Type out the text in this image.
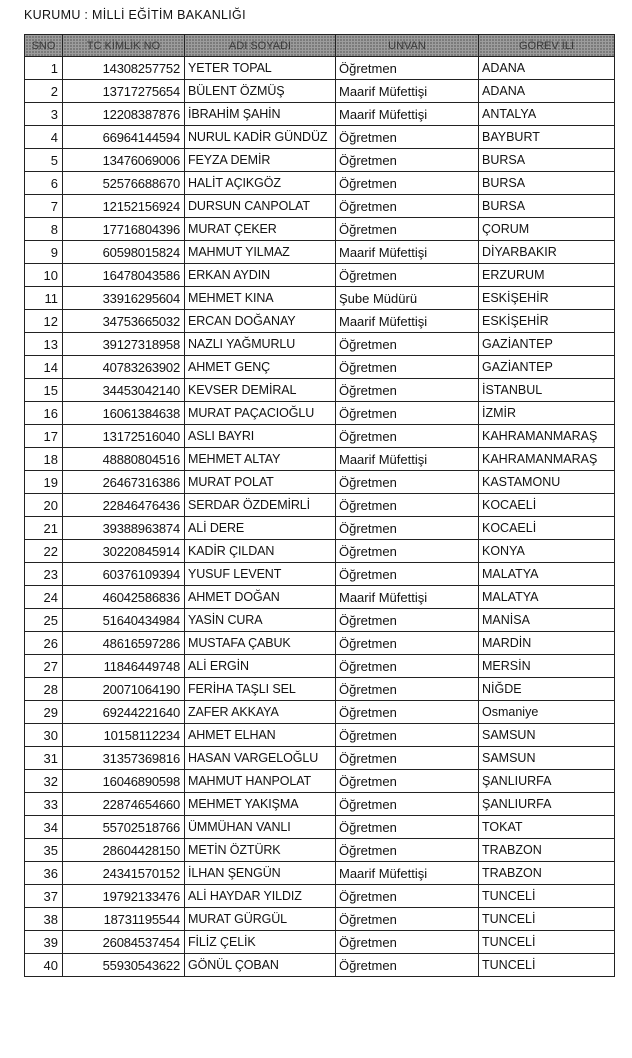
KURUMU : MİLLİ EĞİTİM BAKANLIĞI
SNO	TC KİMLİK NO	ADI SOYADI	UNVAN	GÖREV İLİ
1	14308257752	YETER TOPAL	Öğretmen	ADANA
2	13717275654	BÜLENT ÖZMÜŞ	Maarif Müfettişi	ADANA
3	12208387876	İBRAHİM ŞAHİN	Maarif Müfettişi	ANTALYA
4	66964144594	NURUL KADİR GÜNDÜZ	Öğretmen	BAYBURT
5	13476069006	FEYZA DEMİR	Öğretmen	BURSA
6	52576688670	HALİT AÇIKGÖZ	Öğretmen	BURSA
7	12152156924	DURSUN CANPOLAT	Öğretmen	BURSA
8	17716804396	MURAT ÇEKER	Öğretmen	ÇORUM
9	60598015824	MAHMUT YILMAZ	Maarif Müfettişi	DİYARBAKIR
10	16478043586	ERKAN AYDIN	Öğretmen	ERZURUM
11	33916295604	MEHMET KINA	Şube Müdürü	ESKİŞEHİR
12	34753665032	ERCAN DOĞANAY	Maarif Müfettişi	ESKİŞEHİR
13	39127318958	NAZLI YAĞMURLU	Öğretmen	GAZİANTEP
14	40783263902	AHMET GENÇ	Öğretmen	GAZİANTEP
15	34453042140	KEVSER DEMİRAL	Öğretmen	İSTANBUL
16	16061384638	MURAT PAÇACIOĞLU	Öğretmen	İZMİR
17	13172516040	ASLI BAYRI	Öğretmen	KAHRAMANMARAŞ
18	48880804516	MEHMET ALTAY	Maarif Müfettişi	KAHRAMANMARAŞ
19	26467316386	MURAT POLAT	Öğretmen	KASTAMONU
20	22846476436	SERDAR ÖZDEMİRLİ	Öğretmen	KOCAELİ
21	39388963874	ALİ DERE	Öğretmen	KOCAELİ
22	30220845914	KADİR ÇILDAN	Öğretmen	KONYA
23	60376109394	YUSUF LEVENT	Öğretmen	MALATYA
24	46042586836	AHMET DOĞAN	Maarif Müfettişi	MALATYA
25	51640434984	YASİN CURA	Öğretmen	MANİSA
26	48616597286	MUSTAFA ÇABUK	Öğretmen	MARDİN
27	11846449748	ALİ ERGİN	Öğretmen	MERSİN
28	20071064190	FERİHA TAŞLI SEL	Öğretmen	NİĞDE
29	69244221640	ZAFER AKKAYA	Öğretmen	Osmaniye
30	10158112234	AHMET ELHAN	Öğretmen	SAMSUN
31	31357369816	HASAN VARGELOĞLU	Öğretmen	SAMSUN
32	16046890598	MAHMUT HANPOLAT	Öğretmen	ŞANLIURFA
33	22874654660	MEHMET YAKIŞMA	Öğretmen	ŞANLIURFA
34	55702518766	ÜMMÜHAN VANLI	Öğretmen	TOKAT
35	28604428150	METİN ÖZTÜRK	Öğretmen	TRABZON
36	24341570152	İLHAN ŞENGÜN	Maarif Müfettişi	TRABZON
37	19792133476	ALİ HAYDAR YILDIZ	Öğretmen	TUNCELİ
38	18731195544	MURAT GÜRGÜL	Öğretmen	TUNCELİ
39	26084537454	FİLİZ ÇELİK	Öğretmen	TUNCELİ
40	55930543622	GÖNÜL ÇOBAN	Öğretmen	TUNCELİ
